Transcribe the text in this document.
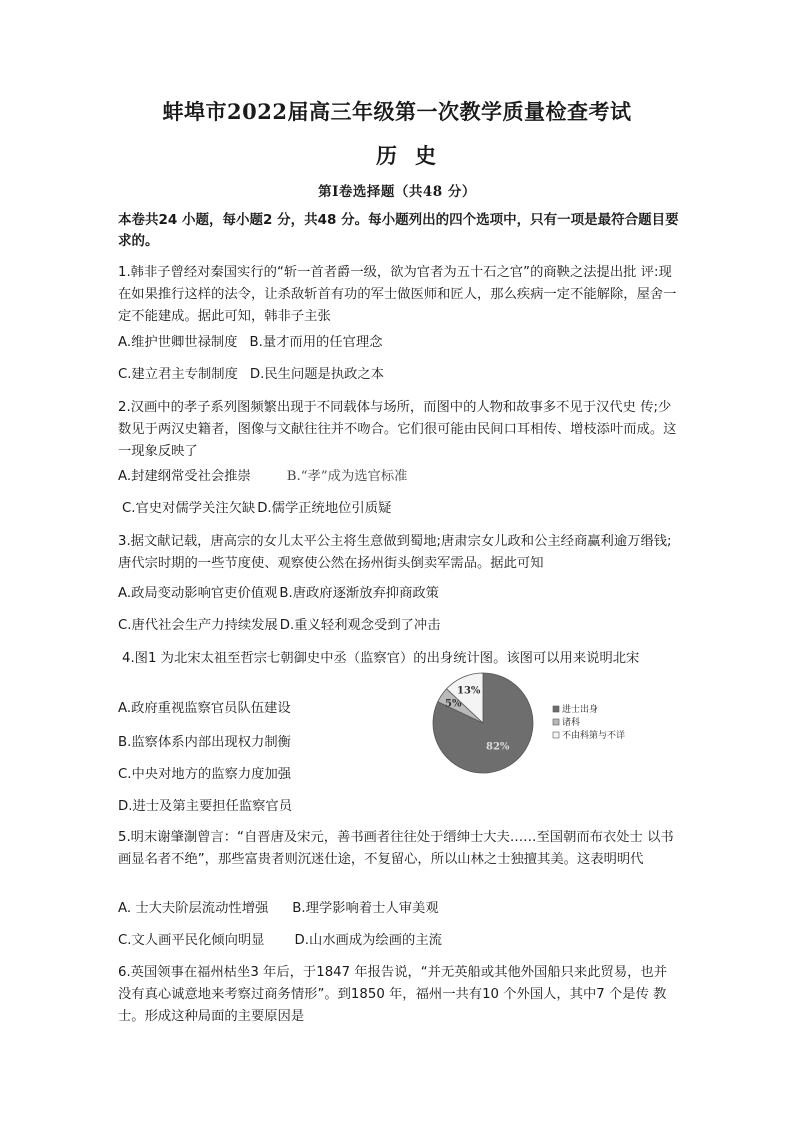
蚌埠市2022届高三年级第一次教学质量检查考试
历史
第Ⅰ卷选择题（共48 分）

本卷共24 小题，每小题2 分，共48 分。每小题列出的四个选项中，只有一项是最符合题目要求的。

1.韩非子曾经对秦国实行的“斩一首者爵一级，欲为官者为五十石之官”的商鞅之法提出批 评:现在如果推行这样的法令，让杀敌斩首有功的军士做医师和匠人，那么疾病一定不能解除，屋舍一定不能建成。据此可知，韩非子主张

A.维护世卿世禄制度 B.量才而用的任官理念

C.建立君主专制制度 D.民生问题是执政之本

2.汉画中的孝子系列图频繁出现于不同载体与场所，而图中的人物和故事多不见于汉代史 传;少数见于两汉史籍者，图像与文献往往并不吻合。它们很可能由民间口耳相传、增枝添叶而成。这一现象反映了

A.封建纲常受社会推崇	B.“孝”成为选官标准

C.官史对儒学关注欠缺 D.儒学正统地位引质疑

3.据文献记载，唐高宗的女儿太平公主将生意做到蜀地;唐肃宗女儿政和公主经商赢利逾万缗钱;唐代宗时期的一些节度使、观察使公然在扬州街头倒卖军需品。据此可知

A.政局变动影响官吏价值观 B.唐政府逐渐放弃抑商政策

C.唐代社会生产力持续发展 D.重义轻利观念受到了冲击

4.图1 为北宋太祖至哲宗七朝御史中丞（监察官）的出身统计图。该图可以用来说明北宋

A.政府重视监察官员队伍建设

B.监察体系内部出现权力制衡

C.中央对地方的监察力度加强

D.进士及第主要担任监察官员

82%
5%
13%
进士出身
诸科
不由科第与不详

5.明末谢肇淛曾言：“自晋唐及宋元，善书画者往往处于缙绅士大夫……至国朝而布衣处士 以书画显名者不绝”，那些富贵者则沉迷仕途，不复留心，所以山林之士独擅其美。这表明明代

A. 士大夫阶层流动性增强 B.理学影响着士人审美观

C.文人画平民化倾向明显 D.山水画成为绘画的主流

6.英国领事在福州枯坐3 年后，于1847 年报告说，“并无英船或其他外国船只来此贸易，也并 没有真心诚意地来考察过商务情形”。到1850 年，福州一共有10 个外国人，其中7 个是传 教士。形成这种局面的主要原因是
